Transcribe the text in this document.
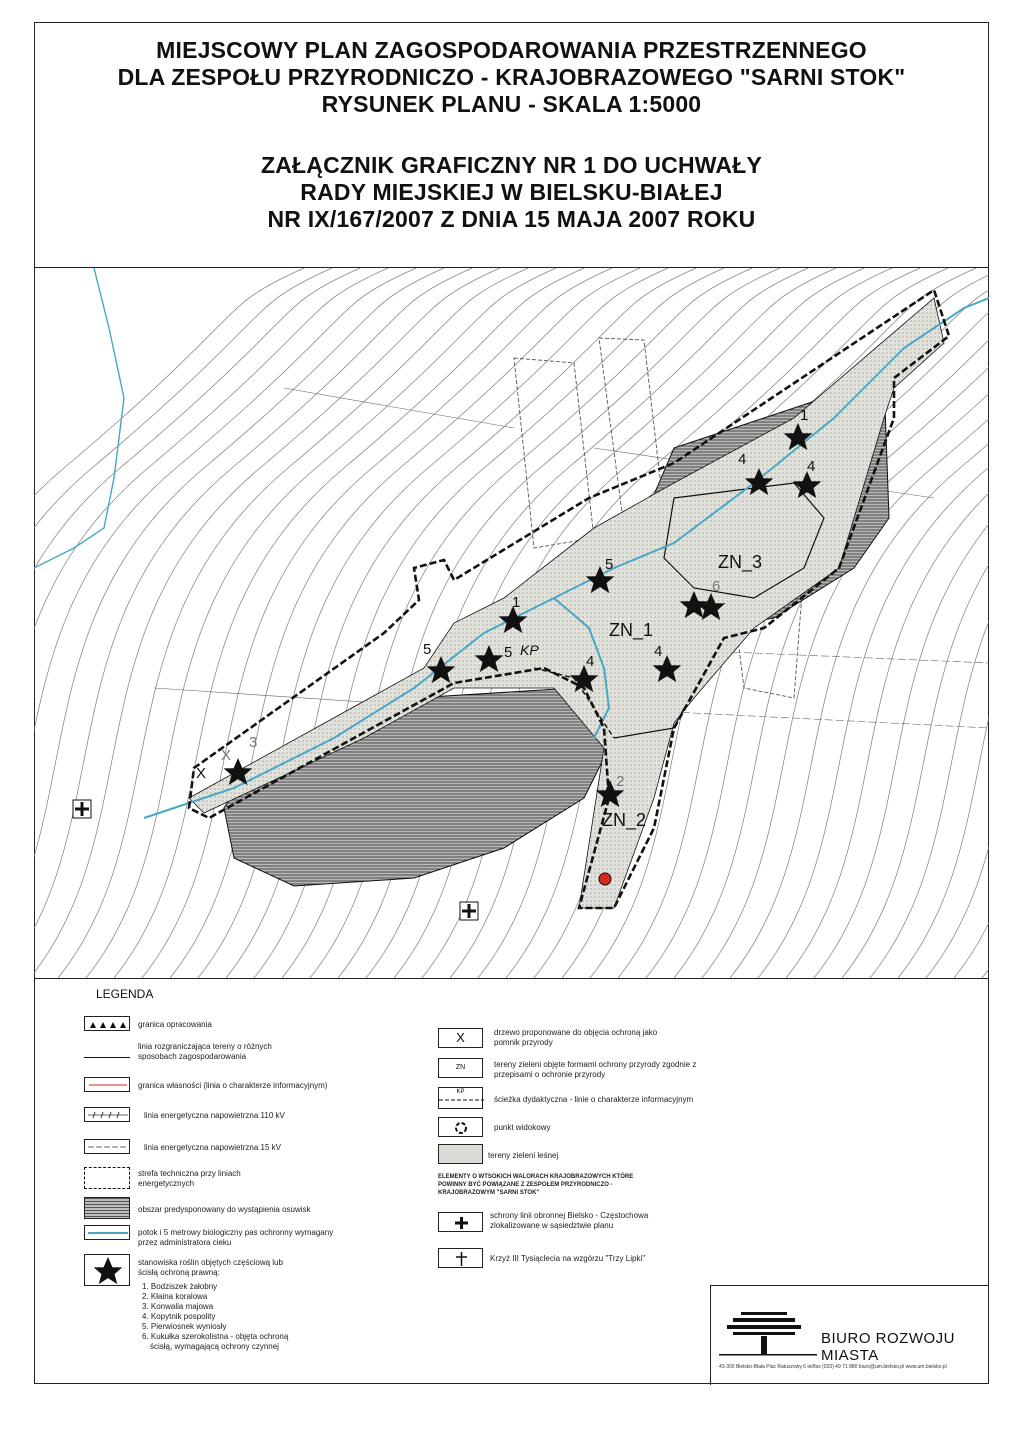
MIEJSCOWY PLAN ZAGOSPODAROWANIA PRZESTRZENNEGO

DLA ZESPOŁU PRZYRODNICZO - KRAJOBRAZOWEGO "SARNI STOK"

RYSUNEK PLANU - SKALA 1:5000

ZAŁĄCZNIK GRAFICZNY NR 1 DO UCHWAŁY

RADY MIEJSKIEJ W BIELSKU-BIAŁEJ

NR IX/167/2007 Z DNIA 15 MAJA 2007 ROKU

ZN_1
ZN_2
ZN_3
KP
X
X
1
4	4
5
6
1
5	5
4
4
3
2
LEGENDA
granica opracowania
linia rozgraniczająca tereny o różnych sposobach zagospodarowania
granica własności (linia o charakterze informacyjnym)
linia energetyczna napowietrzna 110 kV
linia energetyczna napowietrzna 15 kV
strefa techniczna przy liniach energetycznych
obszar predysponowany do wystąpienia osuwisk
potok i 5 metrowy biologiczny pas ochronny wymagany przez administratora cieku
stanowiska roślin objętych częściową lub ścisłą ochroną prawną:
1. Bodziszek żałobny
2. Kłaina koralowa
3. Konwalia majowa
4. Kopytnik pospolity
5. Pierwiosnek wyniosły
6. Kukułka szerokolistna - objęta ochroną
ścisłą, wymagającą ochrony czynnej
X	drzewo proponowane do objęcia ochroną jako pomnik przyrody
ZN	tereny zieleni objęte formami ochrony przyrody zgodnie z przepisami o ochronie przyrody
KP
ścieżka dydaktyczna - linie o charakterze informacyjnym
punkt widokowy
tereny zieleni leśnej
ELEMENTY O WTSOKICH WALORACH KRAJOBRAZOWYCH KTÓRE POWINNY BYĆ POWIĄZANE Z ZESPOŁEM PRZYRODNICZO - KRAJOBRAZOWYM "SARNI STOK"
schrony linii obronnej Bielsko - Częstochowa zlokalizowane w sąsiedztwie planu
Krzyż III Tysiąclecia na wzgórzu "Trzy Lipki"
BIURO ROZWOJU MIASTA
43-300 Bielsko-Biała Plac Ratuszowy 6 tel/fax (033) 49 71 880 biuro@um.bielsko.pl www.um.bielsko.pl
